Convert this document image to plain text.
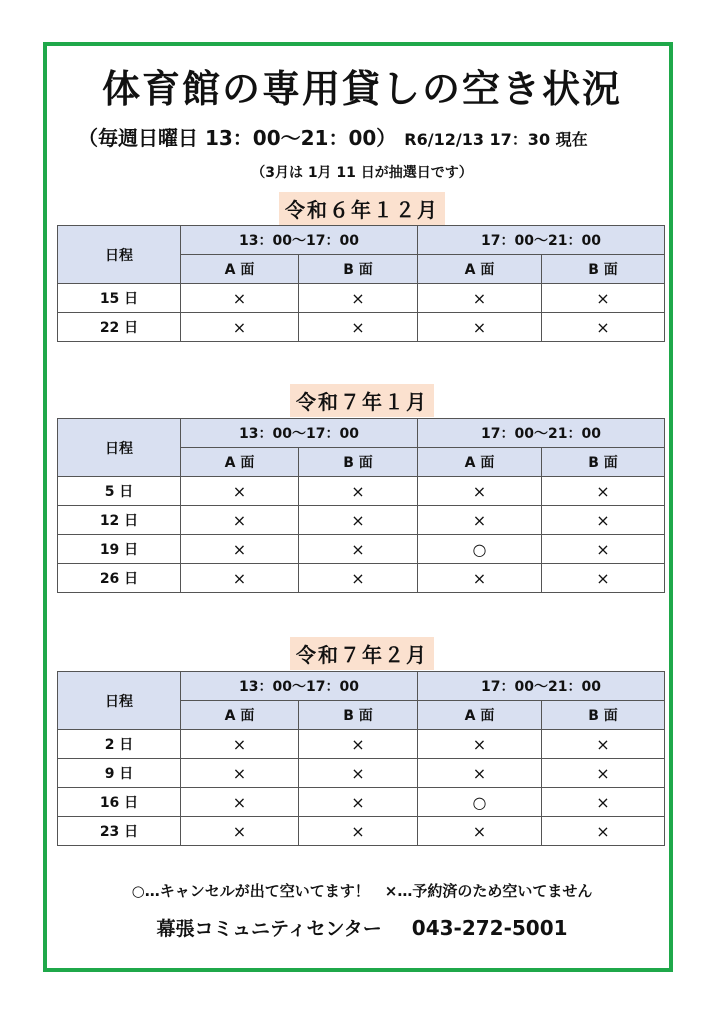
体育館の専用貸しの空き状況
（毎週日曜日 13：00～21：00） R6/12/13 17：30 現在
（3月は 1月 11 日が抽選日です）
令和６年１２月
日程	13：00～17：00		17：00～21：00	
	A 面	B 面	A 面	B 面
15 日	×	×	×	×
22 日	×	×	×	×
令和７年１月
日程	13：00～17：00		17：00～21：00	
	A 面	B 面	A 面	B 面
5 日	×	×	×	×
12 日	×	×	×	×
19 日	×	×	○	×
26 日	×	×	×	×
令和７年２月
日程	13：00～17：00		17：00～21：00	
	A 面	B 面	A 面	B 面
2 日	×	×	×	×
9 日	×	×	×	×
16 日	×	×	○	×
23 日	×	×	×	×
○…キャンセルが出て空いてます！　×…予約済のため空いてません
幕張コミュニティセンター 043-272-5001
